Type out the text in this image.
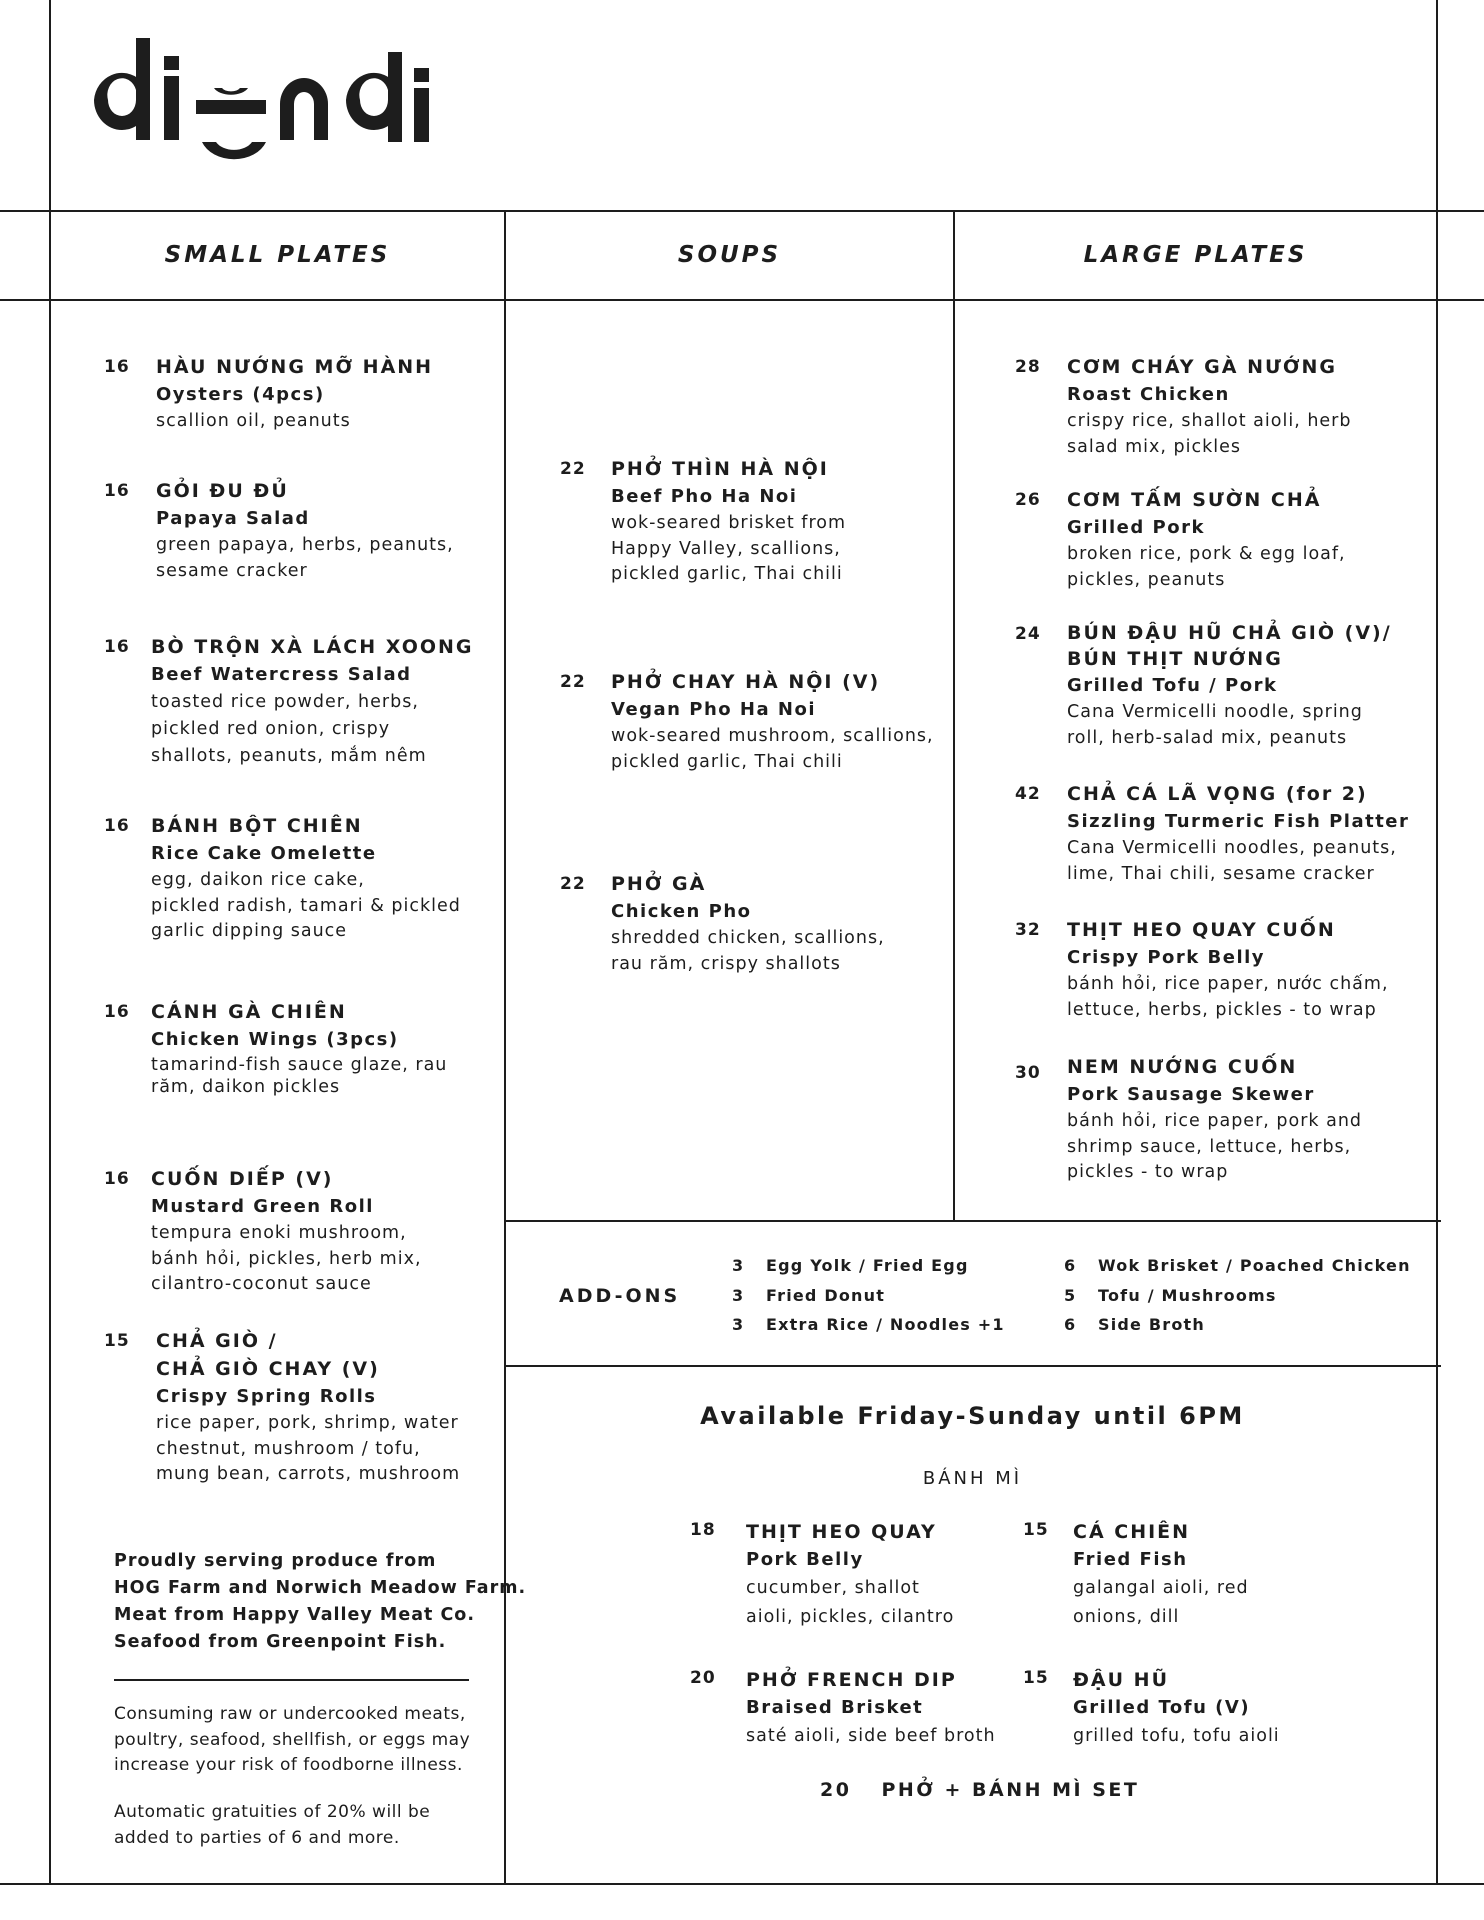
điăn đi
SMALL PLATES	SOUPS	LARGE PLATES
16 HÀU NƯỚNG MỠ HÀNH
Oysters (4pcs)
scallion oil, peanuts
16 GỎI ĐU ĐỦ
Papaya Salad
green papaya, herbs, peanuts,
sesame cracker
16 BÒ TRỘN XÀ LÁCH XOONG
Beef Watercress Salad
toasted rice powder, herbs,
pickled red onion, crispy
shallots, peanuts, mắm nêm
16 BÁNH BỘT CHIÊN
Rice Cake Omelette
egg, daikon rice cake,
pickled radish, tamari & pickled
garlic dipping sauce
16 CÁNH GÀ CHIÊN
Chicken Wings (3pcs)
tamarind-fish sauce glaze, rau
răm, daikon pickles
16 CUỐN DIẾP (V)
Mustard Green Roll
tempura enoki mushroom,
bánh hỏi, pickles, herb mix,
cilantro-coconut sauce
15 CHẢ GIÒ /
CHẢ GIÒ CHAY (V)
Crispy Spring Rolls
rice paper, pork, shrimp, water
chestnut, mushroom / tofu,
mung bean, carrots, mushroom
22 PHỞ THÌN HÀ NỘI
Beef Pho Ha Noi
wok-seared brisket from
Happy Valley, scallions,
pickled garlic, Thai chili
22 PHỞ CHAY HÀ NỘI (V)
Vegan Pho Ha Noi
wok-seared mushroom, scallions,
pickled garlic, Thai chili
22 PHỞ GÀ
Chicken Pho
shredded chicken, scallions,
rau răm, crispy shallots
28 CƠM CHÁY GÀ NƯỚNG
Roast Chicken
crispy rice, shallot aioli, herb
salad mix, pickles
26 CƠM TẤM SƯỜN CHẢ
Grilled Pork
broken rice, pork & egg loaf,
pickles, peanuts
24 BÚN ĐẬU HŨ CHẢ GIÒ (V)/
BÚN THỊT NƯỚNG
Grilled Tofu / Pork
Cana Vermicelli noodle, spring
roll, herb-salad mix, peanuts
42 CHẢ CÁ LÃ VỌNG (for 2)
Sizzling Turmeric Fish Platter
Cana Vermicelli noodles, peanuts,
lime, Thai chili, sesame cracker
32 THỊT HEO QUAY CUỐN
Crispy Pork Belly
bánh hỏi, rice paper, nước chấm,
lettuce, herbs, pickles - to wrap
30 NEM NƯỚNG CUỐN
Pork Sausage Skewer
bánh hỏi, rice paper, pork and
shrimp sauce, lettuce, herbs,
pickles - to wrap
ADD-ONS
3 Egg Yolk / Fried Egg
3 Fried Donut
3 Extra Rice / Noodles +1
6 Wok Brisket / Poached Chicken
5 Tofu / Mushrooms
6 Side Broth
Available Friday-Sunday until 6PM
BÁNH MÌ
18 THỊT HEO QUAY
Pork Belly
cucumber, shallot
aioli, pickles, cilantro
15 CÁ CHIÊN
Fried Fish
galangal aioli, red
onions, dill
20 PHỞ FRENCH DIP
Braised Brisket
saté aioli, side beef broth
15 ĐẬU HŨ
Grilled Tofu (V)
grilled tofu, tofu aioli
20 PHỞ + BÁNH MÌ SET
Proudly serving produce from
HOG Farm and Norwich Meadow Farm.
Meat from Happy Valley Meat Co.
Seafood from Greenpoint Fish.
Consuming raw or undercooked meats,
poultry, seafood, shellfish, or eggs may
increase your risk of foodborne illness.
Automatic gratuities of 20% will be
added to parties of 6 and more.
